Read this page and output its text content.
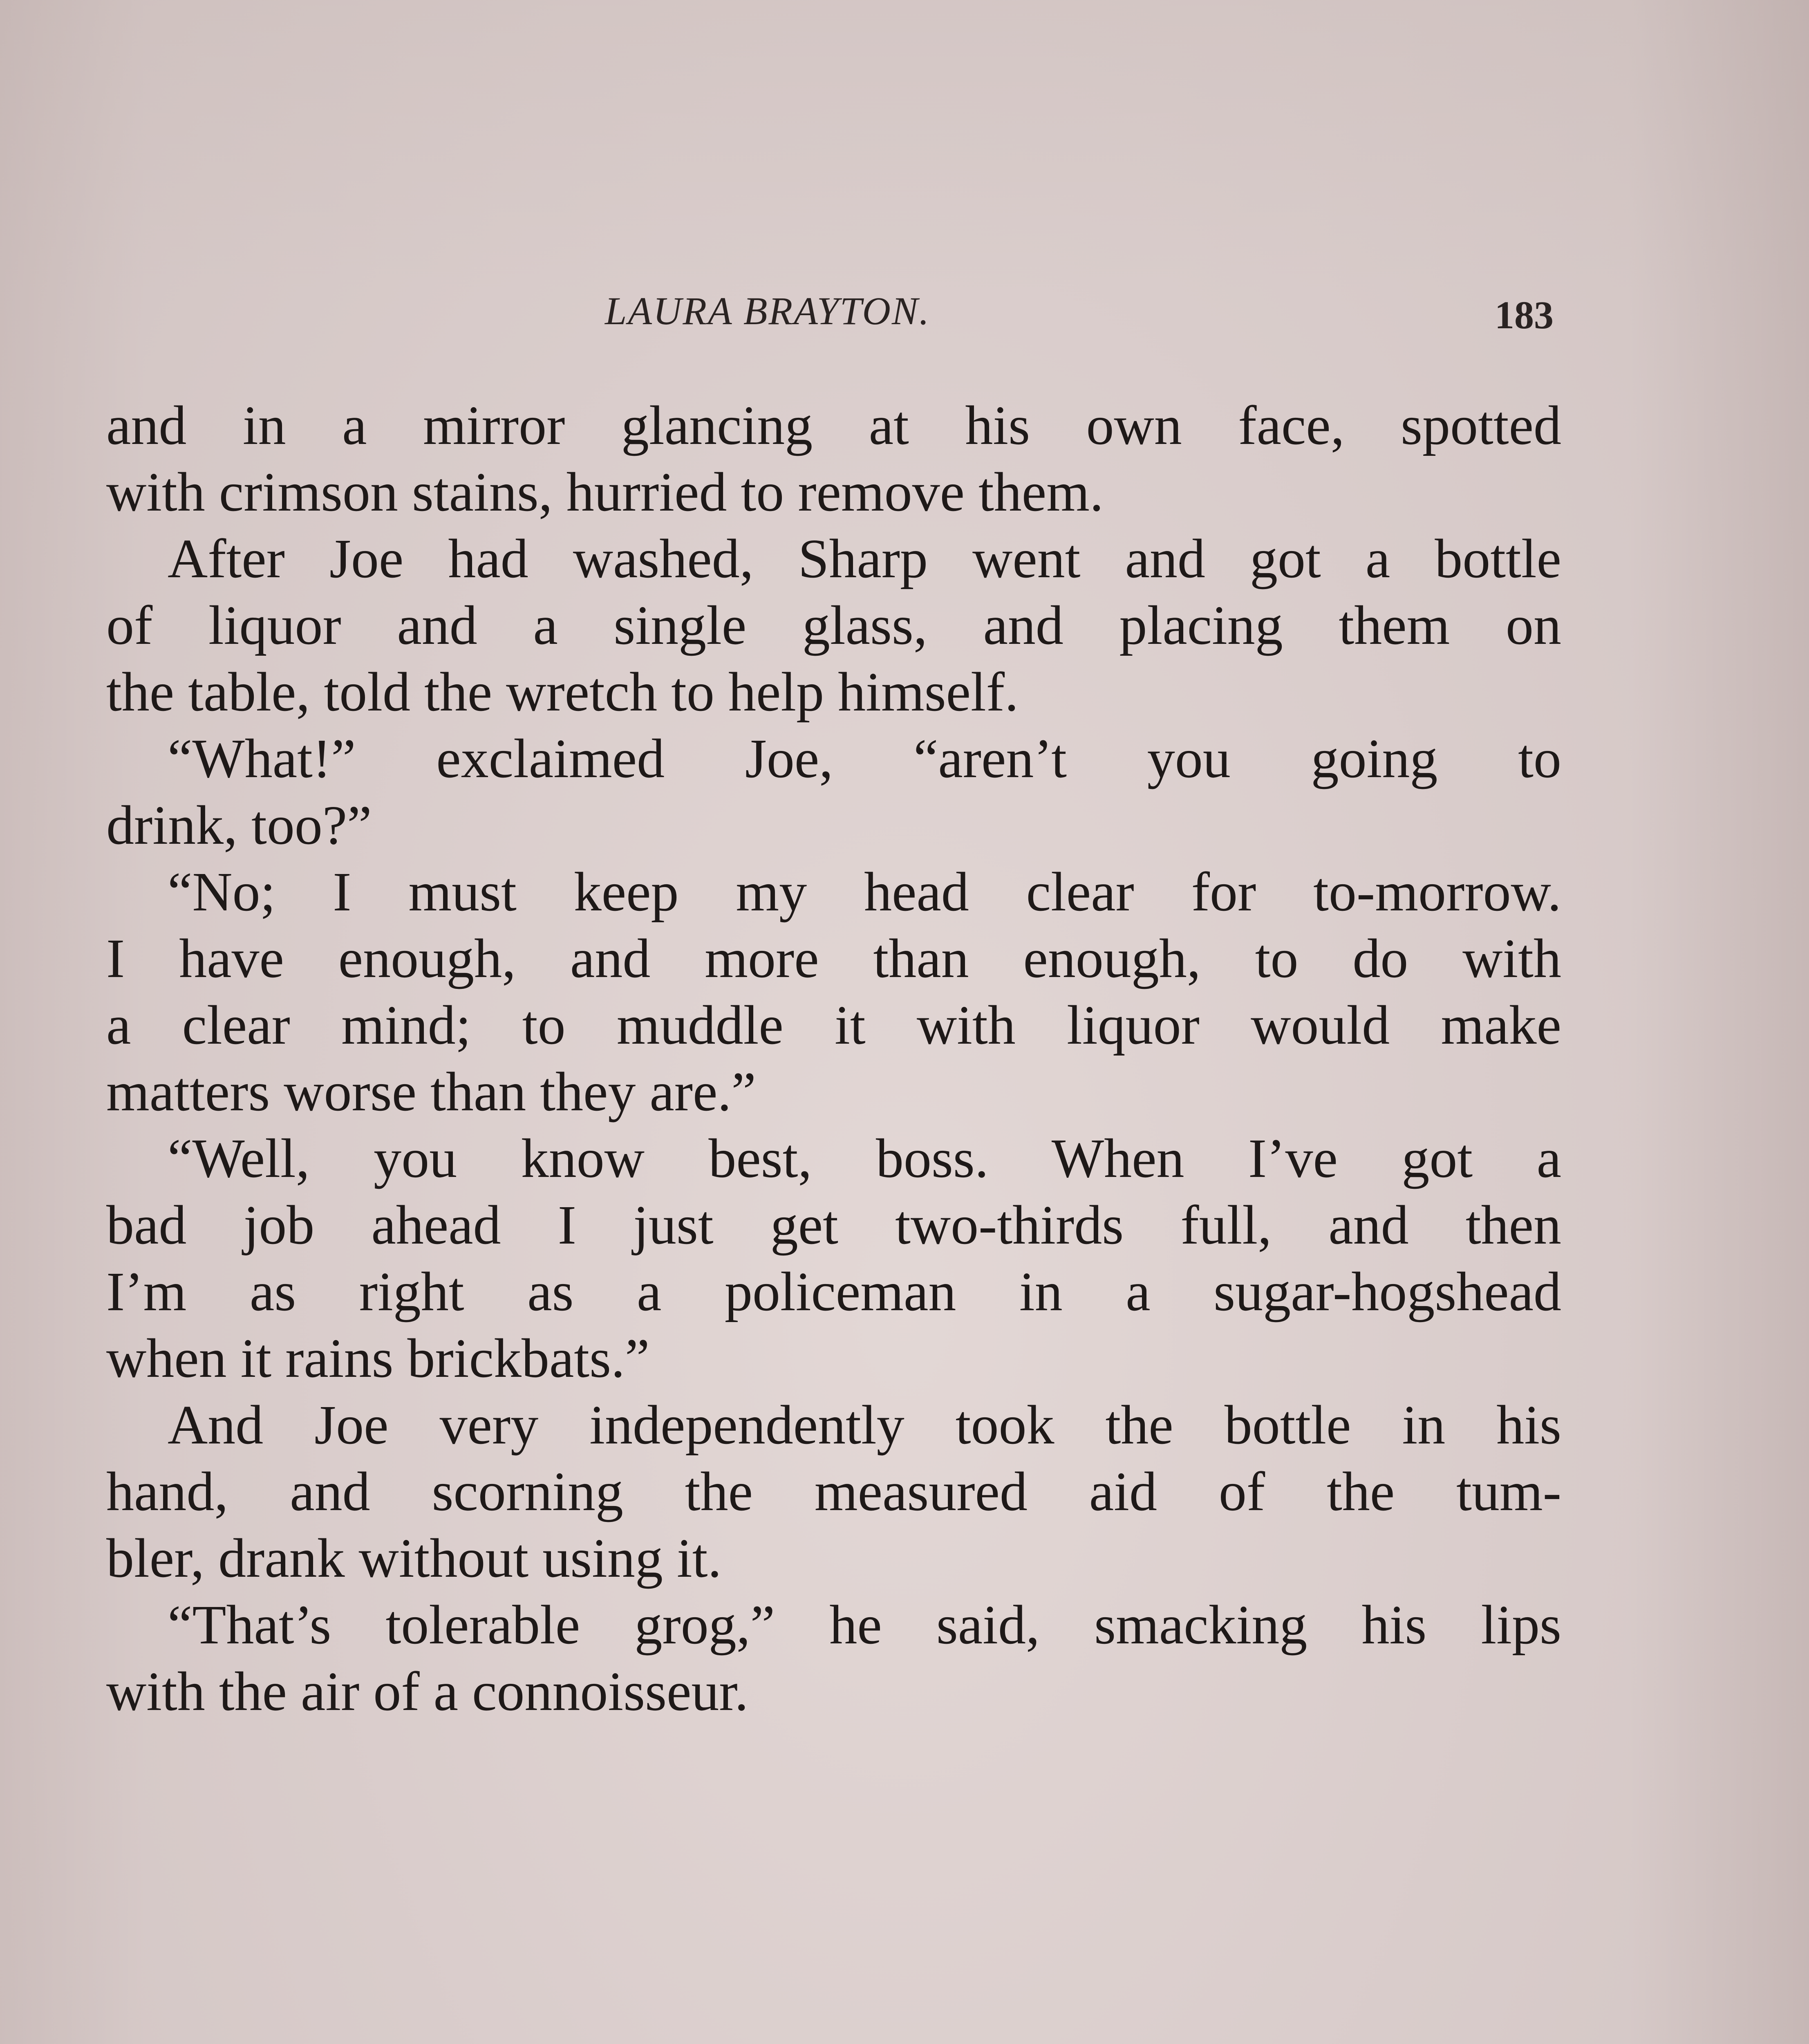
LAURA BRAYTON.	183
and in a mirror glancing at his own face, spotted
with crimson stains, hurried to remove them.
After Joe had washed, Sharp went and got a bottle
of liquor and a single glass, and placing them on
the table, told the wretch to help himself.
“What!” exclaimed Joe, “aren’t you going to
drink, too?”
“No; I must keep my head clear for to-morrow.
I have enough, and more than enough, to do with
a clear mind; to muddle it with liquor would make
matters worse than they are.”
“Well, you know best, boss. When I’ve got a
bad job ahead I just get two-thirds full, and then
I’m as right as a policeman in a sugar-hogshead
when it rains brickbats.”
And Joe very independently took the bottle in his
hand, and scorning the measured aid of the tum-
bler, drank without using it.
“That’s tolerable grog,” he said, smacking his lips
with the air of a connoisseur.
